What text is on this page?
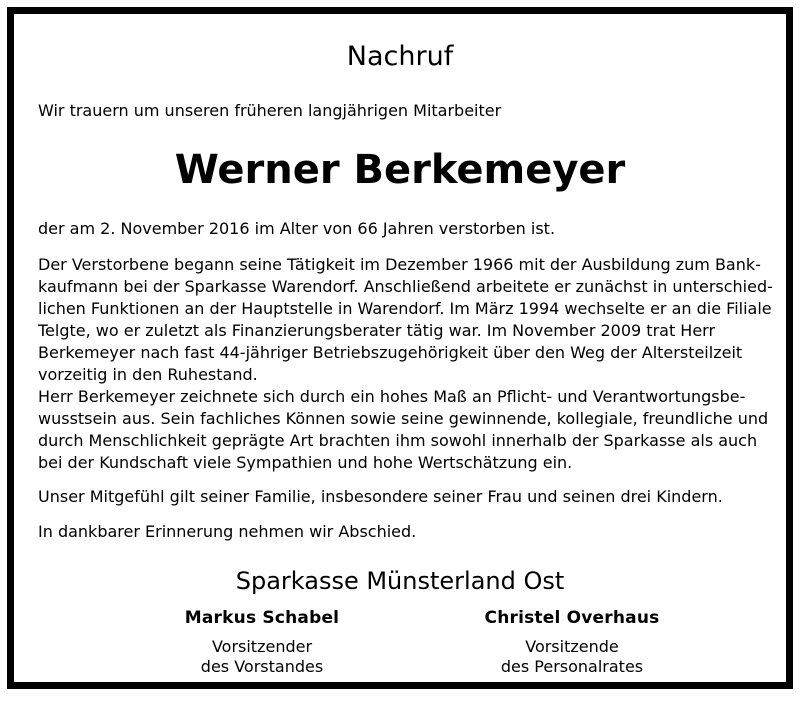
Nachruf
Wir trauern um unseren früheren langjährigen Mitarbeiter
Werner Berkemeyer
der am 2. November 2016 im Alter von 66 Jahren verstorben ist.
Der Verstorbene begann seine Tätigkeit im Dezember 1966 mit der Ausbildung zum Bank-
kaufmann bei der Sparkasse Warendorf. Anschließend arbeitete er zunächst in unterschied-
lichen Funktionen an der Hauptstelle in Warendorf. Im März 1994 wechselte er an die Filiale
Telgte, wo er zuletzt als Finanzierungsberater tätig war. Im November 2009 trat Herr
Berkemeyer nach fast 44-jähriger Betriebszugehörigkeit über den Weg der Altersteilzeit
vorzeitig in den Ruhestand.
Herr Berkemeyer zeichnete sich durch ein hohes Maß an Pflicht- und Verantwortungsbe-
wusstsein aus. Sein fachliches Können sowie seine gewinnende, kollegiale, freundliche und
durch Menschlichkeit geprägte Art brachten ihm sowohl innerhalb der Sparkasse als auch
bei der Kundschaft viele Sympathien und hohe Wertschätzung ein.
Unser Mitgefühl gilt seiner Familie, insbesondere seiner Frau und seinen drei Kindern.
In dankbarer Erinnerung nehmen wir Abschied.
Sparkasse Münsterland Ost
Markus Schabel
Vorsitzender
des Vorstandes
Christel Overhaus
Vorsitzende
des Personalrates
